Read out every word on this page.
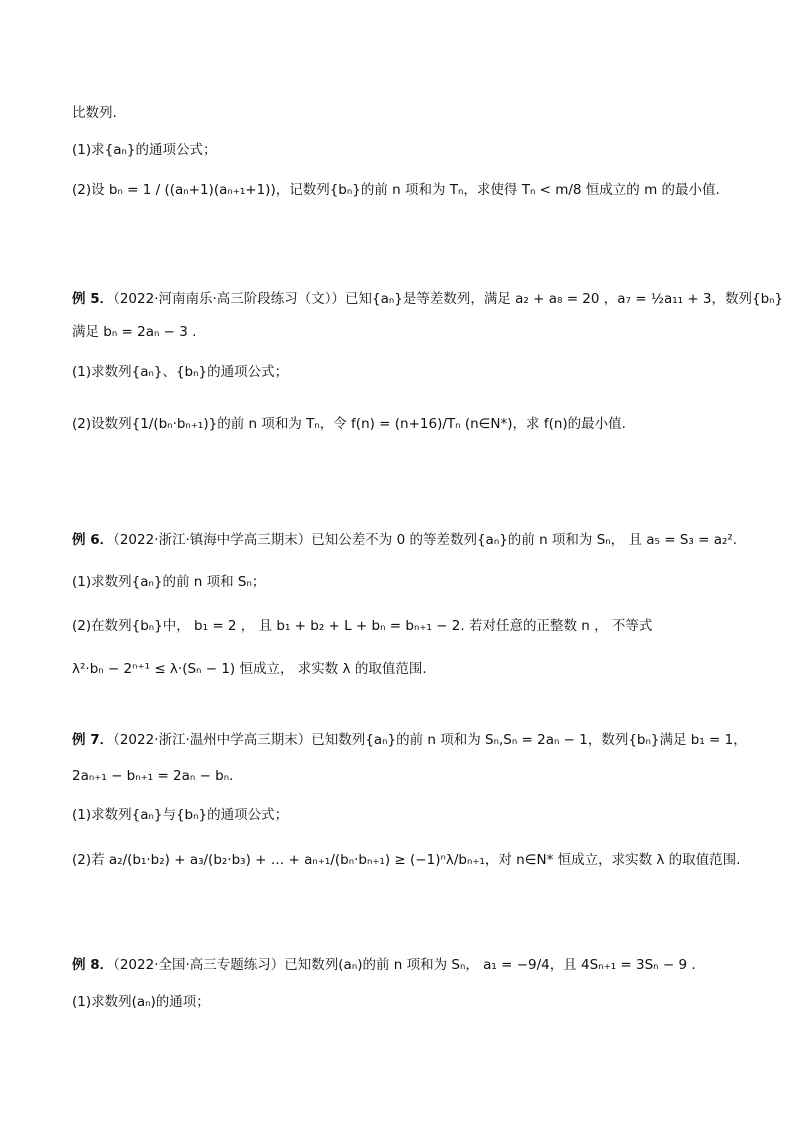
比数列.
(1)求{aₙ}的通项公式；
(2)设 bₙ = 1 / ((aₙ+1)(aₙ₊₁+1))，记数列{bₙ}的前 n 项和为 Tₙ，求使得 Tₙ < m/8 恒成立的 m 的最小值.
例 5．（2022·河南南乐·高三阶段练习（文））已知{aₙ}是等差数列，满足 a₂ + a₈ = 20 ，a₇ = ½a₁₁ + 3，数列{bₙ}
满足 bₙ = 2aₙ − 3 .
(1)求数列{aₙ}、{bₙ}的通项公式；
(2)设数列{1/(bₙ·bₙ₊₁)}的前 n 项和为 Tₙ，令 f(n) = (n+16)/Tₙ (n∈N*)，求 f(n)的最小值.
例 6．（2022·浙江·镇海中学高三期末）已知公差不为 0 的等差数列{aₙ}的前 n 项和为 Sₙ， 且 a₅ = S₃ = a₂².
(1)求数列{aₙ}的前 n 项和 Sₙ；
(2)在数列{bₙ}中， b₁ = 2 ， 且 b₁ + b₂ + L + bₙ = bₙ₊₁ − 2. 若对任意的正整数 n ， 不等式
λ²·bₙ − 2ⁿ⁺¹ ≤ λ·(Sₙ − 1) 恒成立， 求实数 λ 的取值范围.
例 7．（2022·浙江·温州中学高三期末）已知数列{aₙ}的前 n 项和为 Sₙ,Sₙ = 2aₙ − 1，数列{bₙ}满足 b₁ = 1，
2aₙ₊₁ − bₙ₊₁ = 2aₙ − bₙ.
(1)求数列{aₙ}与{bₙ}的通项公式；
(2)若 a₂/(b₁·b₂) + a₃/(b₂·b₃) + … + aₙ₊₁/(bₙ·bₙ₊₁) ≥ (−1)ⁿλ/bₙ₊₁，对 n∈N* 恒成立，求实数 λ 的取值范围.
例 8．（2022·全国·高三专题练习）已知数列(aₙ)的前 n 项和为 Sₙ， a₁ = −9/4，且 4Sₙ₊₁ = 3Sₙ − 9 .
(1)求数列(aₙ)的通项；
